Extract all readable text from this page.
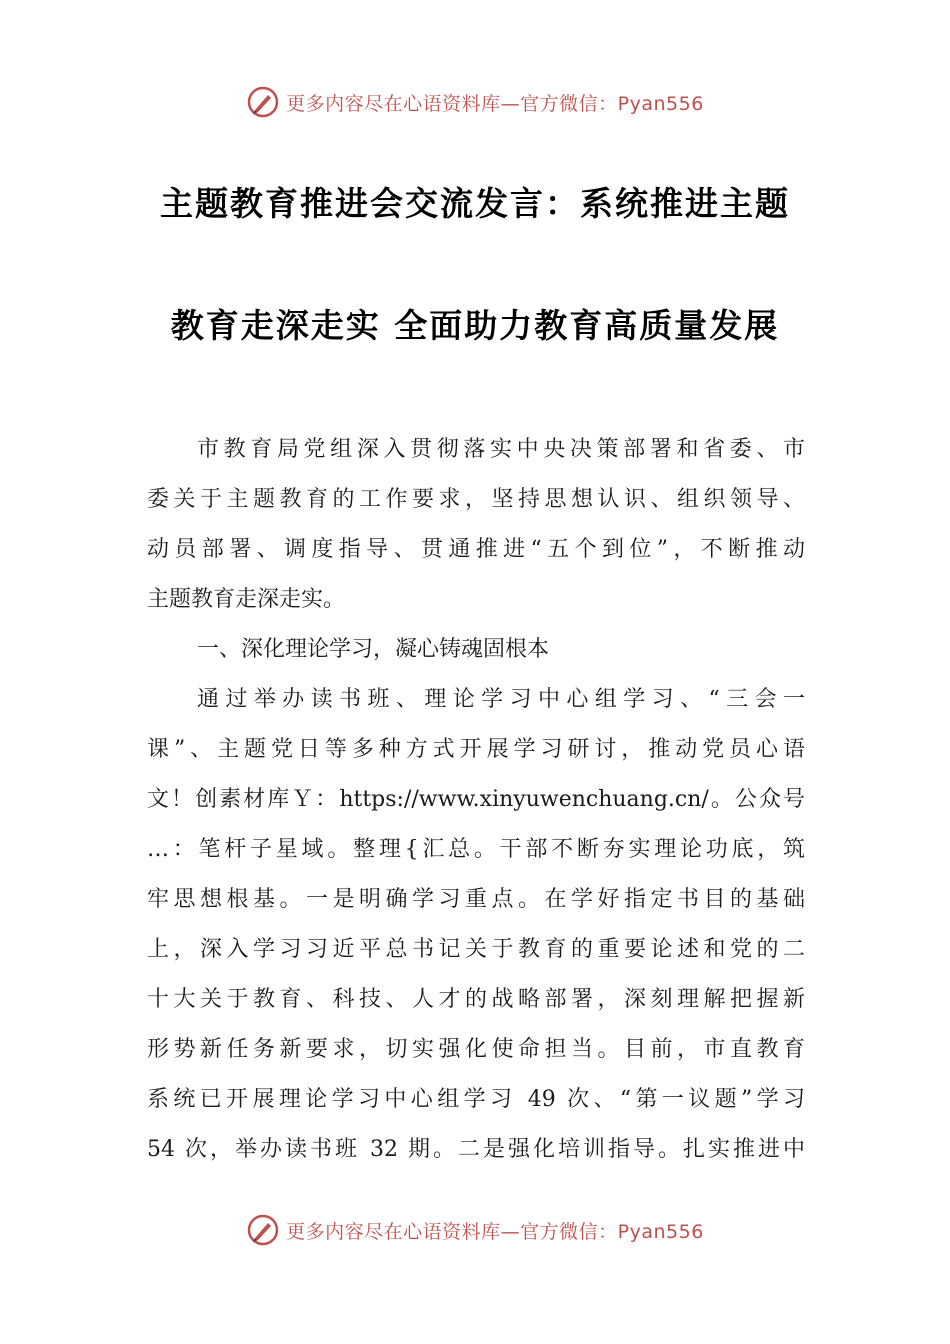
更多内容尽在心语资料库—官方微信：Pyan556
主题教育推进会交流发言：系统推进主题
教育走深走实 全面助力教育高质量发展
市教育局党组深入贯彻落实中央决策部署和省委、市
委关于主题教育的工作要求，坚持思想认识、组织领导、
动员部署、调度指导、贯通推进“五个到位”，不断推动
主题教育走深走实。
一、深化理论学习，凝心铸魂固根本
通过举办读书班、理论学习中心组学习、“三会一
课”、主题党日等多种方式开展学习研讨，推动党员心语
文！创素材库Ｙ：https://www.xinyuwenchuang.cn/。公众号
…：笔杆子星域。整理{汇总。干部不断夯实理论功底，筑
牢思想根基。一是明确学习重点。在学好指定书目的基础
上，深入学习习近平总书记关于教育的重要论述和党的二
十大关于教育、科技、人才的战略部署，深刻理解把握新
形势新任务新要求，切实强化使命担当。目前，市直教育
系统已开展理论学习中心组学习 49 次、“第一议题”学习
54 次，举办读书班 32 期。二是强化培训指导。扎实推进中
更多内容尽在心语资料库—官方微信：Pyan556
